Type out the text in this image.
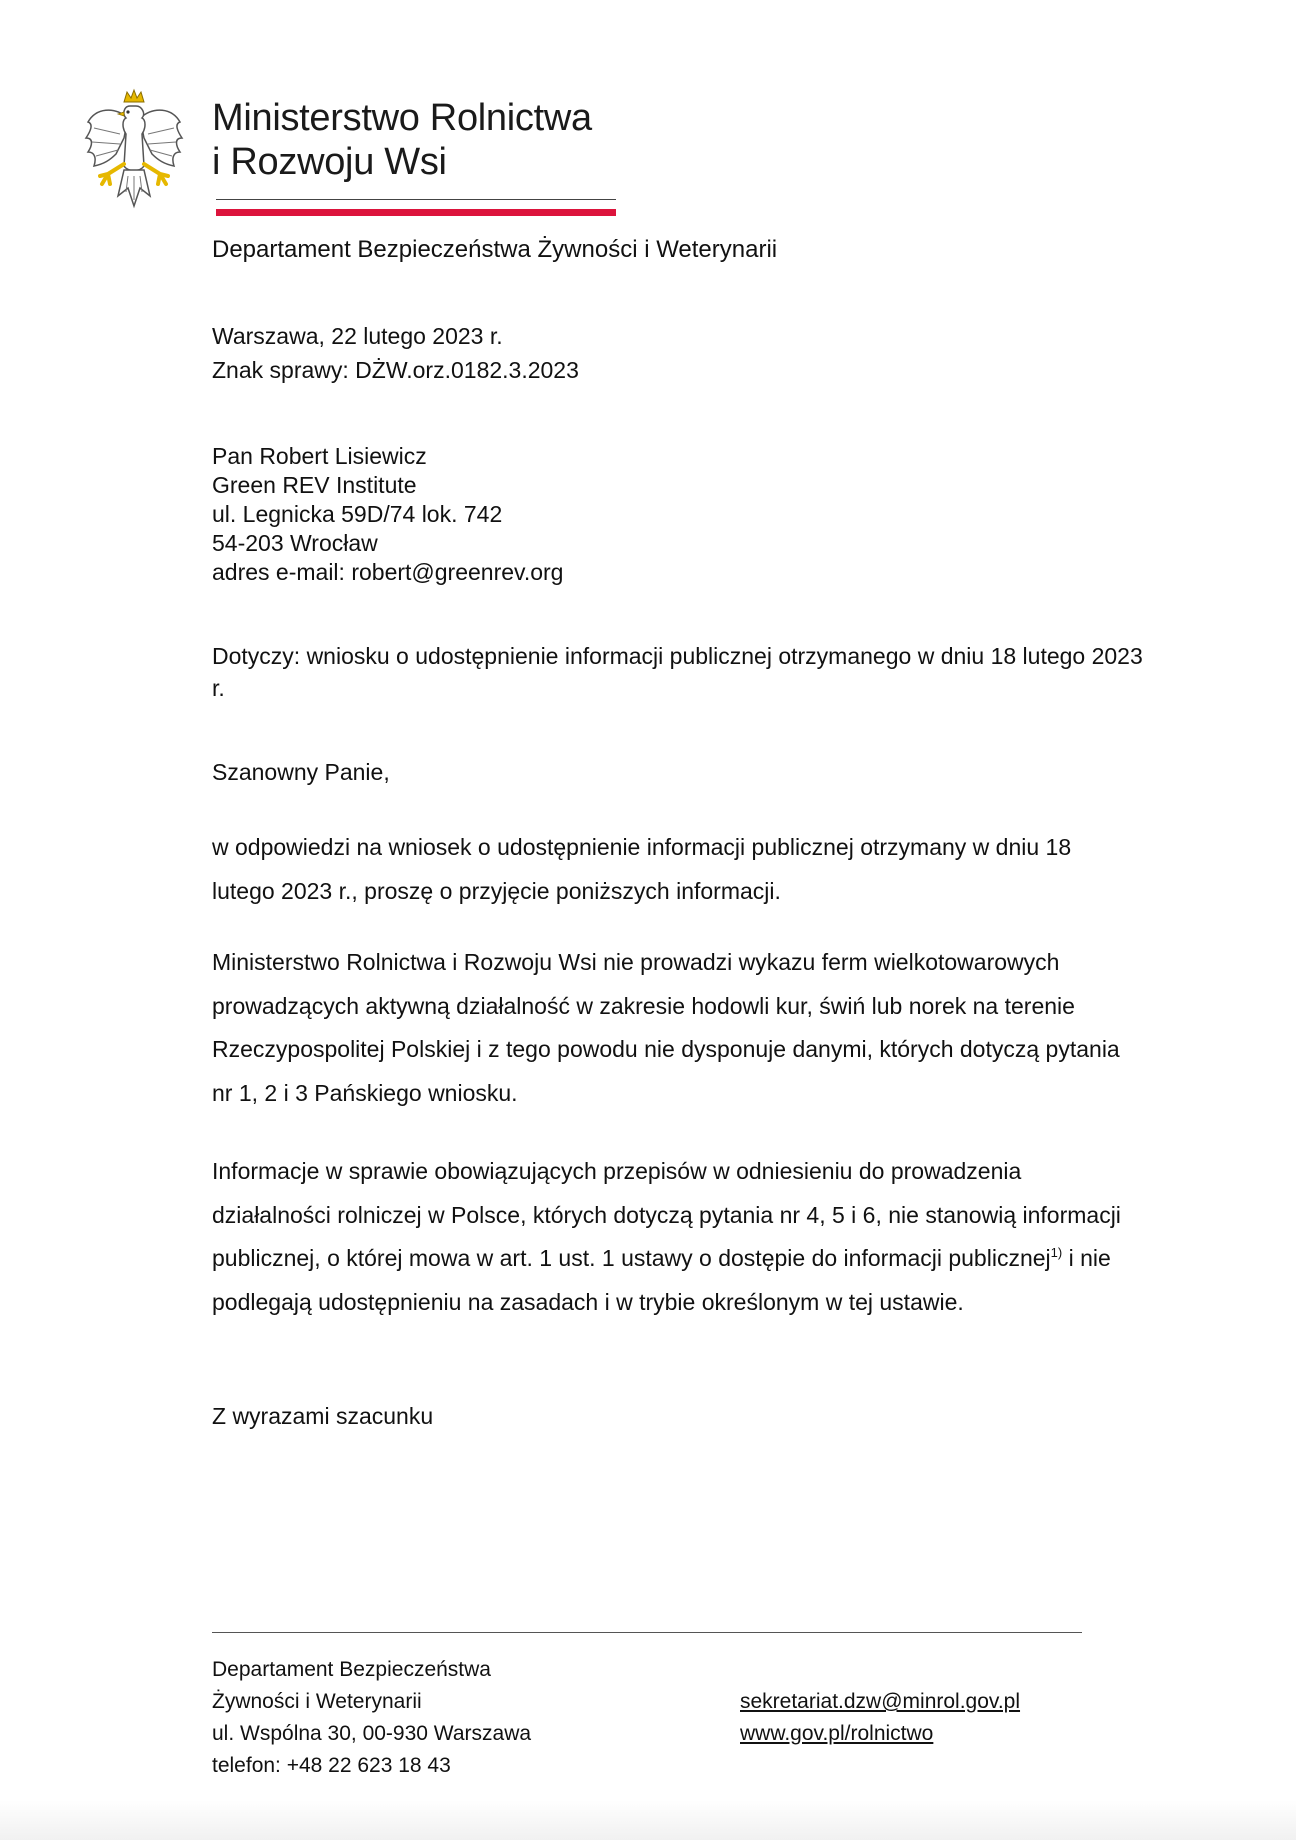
Ministerstwo Rolnictwa
i Rozwoju Wsi
Departament Bezpieczeństwa Żywności i Weterynarii
Warszawa, 22 lutego 2023 r.
Znak sprawy: DŻW.orz.0182.3.2023
Pan Robert Lisiewicz
Green REV Institute
ul. Legnicka 59D/74 lok. 742
54-203 Wrocław
adres e-mail: robert@greenrev.org
Dotyczy: wniosku o udostępnienie informacji publicznej otrzymanego w dniu 18 lutego 2023 r.
Szanowny Panie,
w odpowiedzi na wniosek o udostępnienie informacji publicznej otrzymany w dniu 18 lutego 2023 r., proszę o przyjęcie poniższych informacji.
Ministerstwo Rolnictwa i Rozwoju Wsi nie prowadzi wykazu ferm wielkotowarowych prowadzących aktywną działalność w zakresie hodowli kur, świń lub norek na terenie Rzeczypospolitej Polskiej i z tego powodu nie dysponuje danymi, których dotyczą pytania nr 1, 2 i 3 Pańskiego wniosku.
Informacje w sprawie obowiązujących przepisów w odniesieniu do prowadzenia działalności rolniczej w Polsce, których dotyczą pytania nr 4, 5 i 6, nie stanowią informacji publicznej, o której mowa w art. 1 ust. 1 ustawy o dostępie do informacji publicznej$^{1)}$ i nie podlegają udostępnieniu na zasadach i w trybie określonym w tej ustawie.
Z wyrazami szacunku
Departament Bezpieczeństwa
Żywności i Weterynarii
ul. Wspólna 30, 00-930 Warszawa
telefon: +48 22 623 18 43
sekretariat.dzw@minrol.gov.pl
www.gov.pl/rolnictwo
